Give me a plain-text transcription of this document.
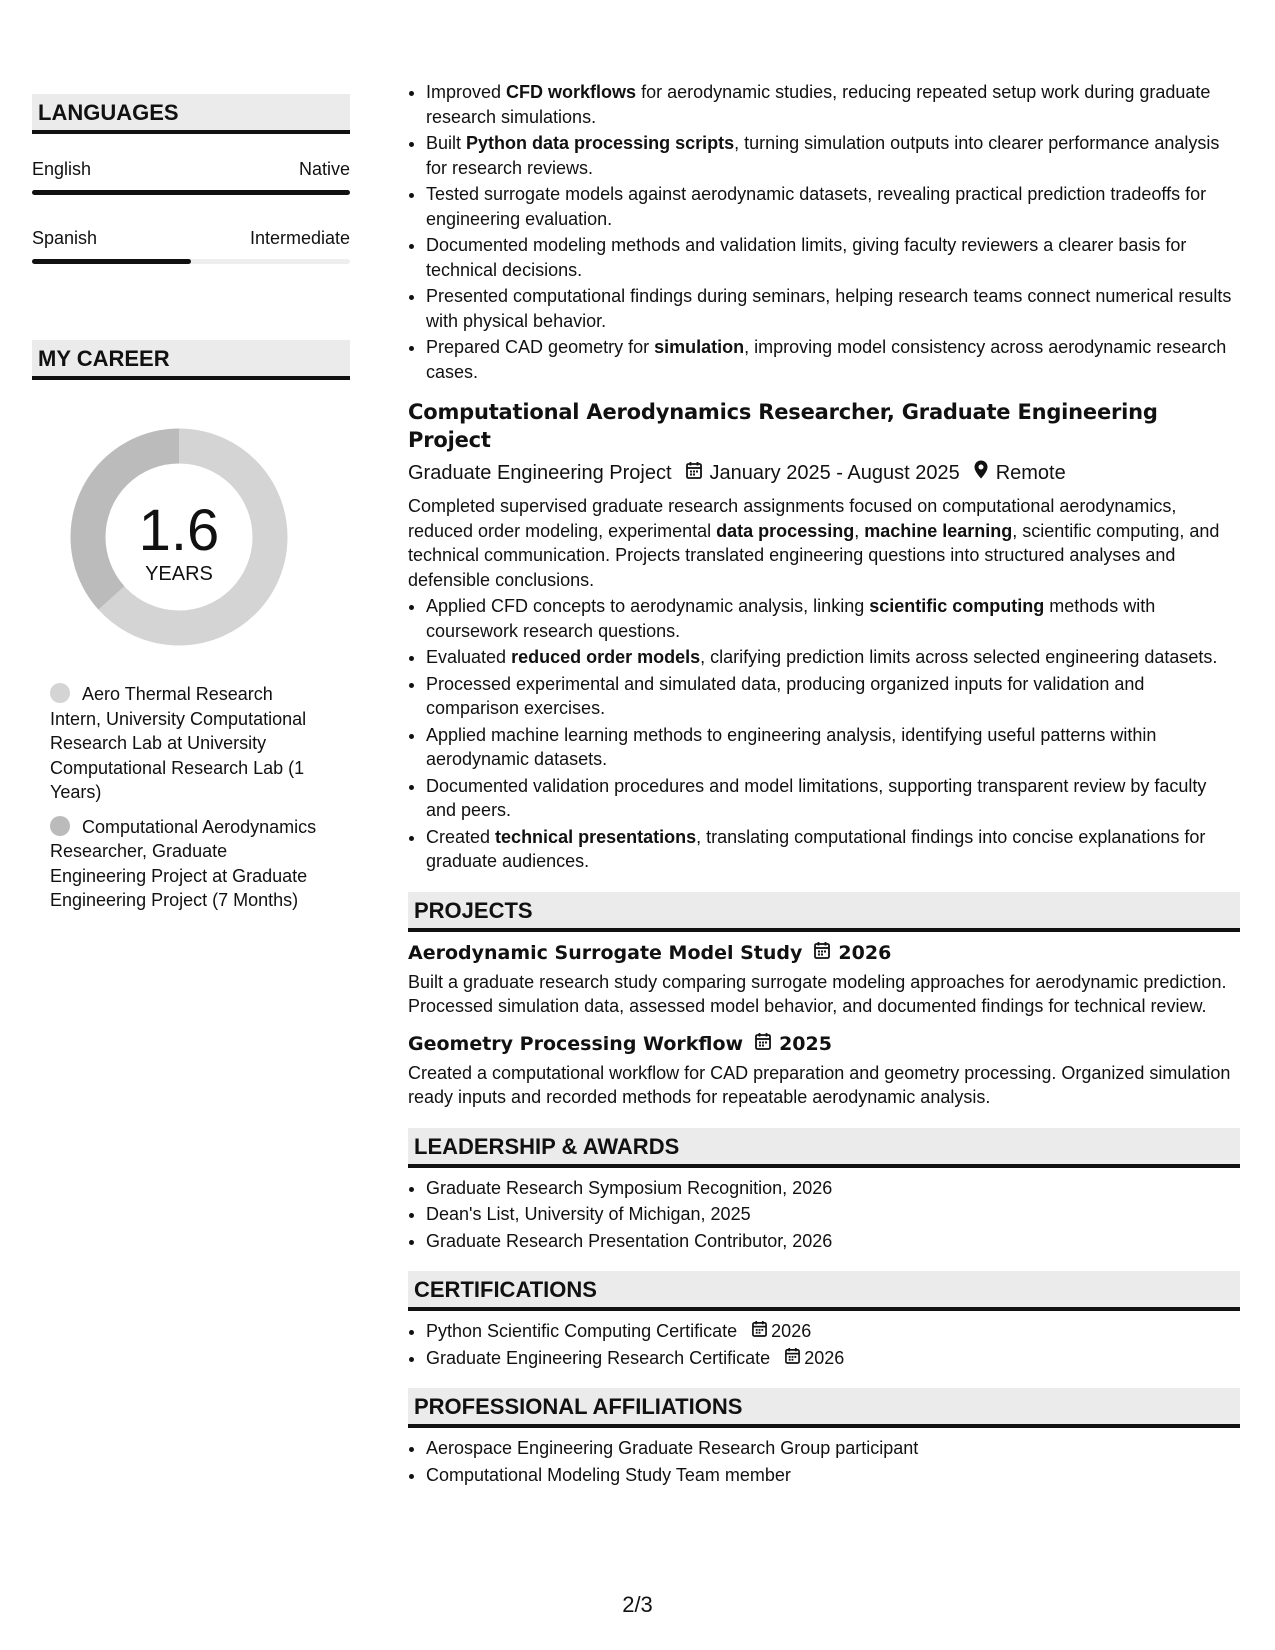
LANGUAGES
English	Native
Spanish	Intermediate
MY CAREER
1.6
YEARS
Aero Thermal Research Intern, University Computational Research Lab at University Computational Research Lab (1 Years)
Computational Aerodynamics Researcher, Graduate Engineering Project at Graduate Engineering Project (7 Months)
• Improved CFD workflows for aerodynamic studies, reducing repeated setup work during graduate research simulations.
• Built Python data processing scripts, turning simulation outputs into clearer performance analysis for research reviews.
• Tested surrogate models against aerodynamic datasets, revealing practical prediction tradeoffs for engineering evaluation.
• Documented modeling methods and validation limits, giving faculty reviewers a clearer basis for technical decisions.
• Presented computational findings during seminars, helping research teams connect numerical results with physical behavior.
• Prepared CAD geometry for simulation, improving model consistency across aerodynamic research cases.
Computational Aerodynamics Researcher, Graduate Engineering Project
Graduate Engineering Project January 2025 - August 2025 Remote
Completed supervised graduate research assignments focused on computational aerodynamics, reduced order modeling, experimental data processing, machine learning, scientific computing, and technical communication. Projects translated engineering questions into structured analyses and defensible conclusions.
• Applied CFD concepts to aerodynamic analysis, linking scientific computing methods with coursework research questions.
• Evaluated reduced order models, clarifying prediction limits across selected engineering datasets.
• Processed experimental and simulated data, producing organized inputs for validation and comparison exercises.
• Applied machine learning methods to engineering analysis, identifying useful patterns within aerodynamic datasets.
• Documented validation procedures and model limitations, supporting transparent review by faculty and peers.
• Created technical presentations, translating computational findings into concise explanations for graduate audiences.
PROJECTS
Aerodynamic Surrogate Model Study 2026
Built a graduate research study comparing surrogate modeling approaches for aerodynamic prediction. Processed simulation data, assessed model behavior, and documented findings for technical review.
Geometry Processing Workflow 2025
Created a computational workflow for CAD preparation and geometry processing. Organized simulation ready inputs and recorded methods for repeatable aerodynamic analysis.
LEADERSHIP & AWARDS
• Graduate Research Symposium Recognition, 2026
• Dean's List, University of Michigan, 2025
• Graduate Research Presentation Contributor, 2026
CERTIFICATIONS
• Python Scientific Computing Certificate 2026
• Graduate Engineering Research Certificate 2026
PROFESSIONAL AFFILIATIONS
• Aerospace Engineering Graduate Research Group participant
• Computational Modeling Study Team member
2/3
